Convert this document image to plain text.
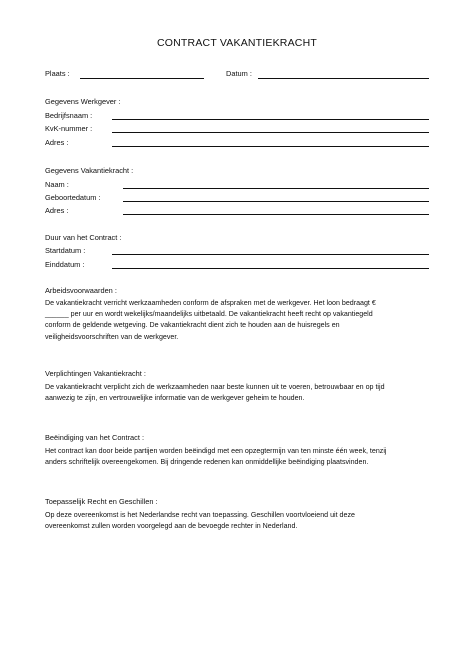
CONTRACT VAKANTIEKRACHT
Plaats :	Datum :
Gegevens Werkgever :
Bedrijfsnaam :
KvK-nummer :
Adres :
Gegevens Vakantiekracht :
Naam :
Geboortedatum :
Adres :
Duur van het Contract :
Startdatum :
Einddatum :
Arbeidsvoorwaarden :
De vakantiekracht verricht werkzaamheden conform de afspraken met de werkgever. Het loon bedraagt €
______ per uur en wordt wekelijks/maandelijks uitbetaald. De vakantiekracht heeft recht op vakantiegeld
conform de geldende wetgeving. De vakantiekracht dient zich te houden aan de huisregels en
veiligheidsvoorschriften van de werkgever.
Verplichtingen Vakantiekracht :
De vakantiekracht verplicht zich de werkzaamheden naar beste kunnen uit te voeren, betrouwbaar en op tijd
aanwezig te zijn, en vertrouwelijke informatie van de werkgever geheim te houden.
Beëindiging van het Contract :
Het contract kan door beide partijen worden beëindigd met een opzegtermijn van ten minste één week, tenzij
anders schriftelijk overeengekomen. Bij dringende redenen kan onmiddellijke beëindiging plaatsvinden.
Toepasselijk Recht en Geschillen :
Op deze overeenkomst is het Nederlandse recht van toepassing. Geschillen voortvloeiend uit deze
overeenkomst zullen worden voorgelegd aan de bevoegde rechter in Nederland.
